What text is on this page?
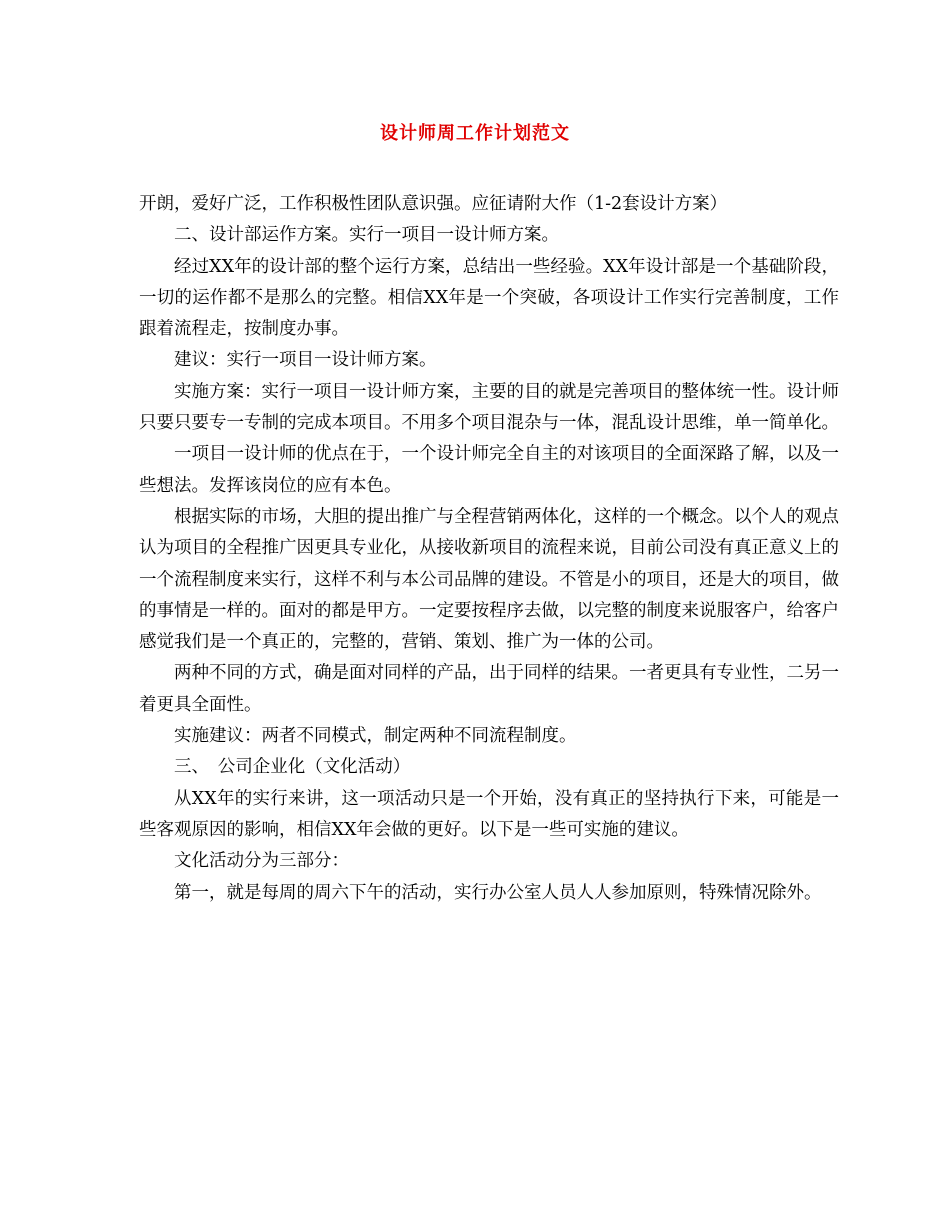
设计师周工作计划范文

开朗，爱好广泛，工作积极性团队意识强。应征请附大作（1-2套设计方案）

二、设计部运作方案。实行一项目一设计师方案。

经过XX年的设计部的整个运行方案，总结出一些经验。XX年设计部是一个基础阶段，一切的运作都不是那么的完整。相信XX年是一个突破，各项设计工作实行完善制度，工作跟着流程走，按制度办事。

建议：实行一项目一设计师方案。

实施方案：实行一项目一设计师方案，主要的目的就是完善项目的整体统一性。设计师只要只要专一专制的完成本项目。不用多个项目混杂与一体，混乱设计思维，单一简单化。

一项目一设计师的优点在于，一个设计师完全自主的对该项目的全面深路了解，以及一些想法。发挥该岗位的应有本色。

根据实际的市场，大胆的提出推广与全程营销两体化，这样的一个概念。以个人的观点认为项目的全程推广因更具专业化，从接收新项目的流程来说，目前公司没有真正意义上的一个流程制度来实行，这样不利与本公司品牌的建设。不管是小的项目，还是大的项目，做的事情是一样的。面对的都是甲方。一定要按程序去做，以完整的制度来说服客户，给客户感觉我们是一个真正的，完整的，营销、策划、推广为一体的公司。

两种不同的方式，确是面对同样的产品，出于同样的结果。一者更具有专业性，二另一着更具全面性。

实施建议：两者不同模式，制定两种不同流程制度。

三、　公司企业化（文化活动）

从XX年的实行来讲，这一项活动只是一个开始，没有真正的坚持执行下来，可能是一些客观原因的影响，相信XX年会做的更好。以下是一些可实施的建议。

文化活动分为三部分：

第一，就是每周的周六下午的活动，实行办公室人员人人参加原则，特殊情况除外。
